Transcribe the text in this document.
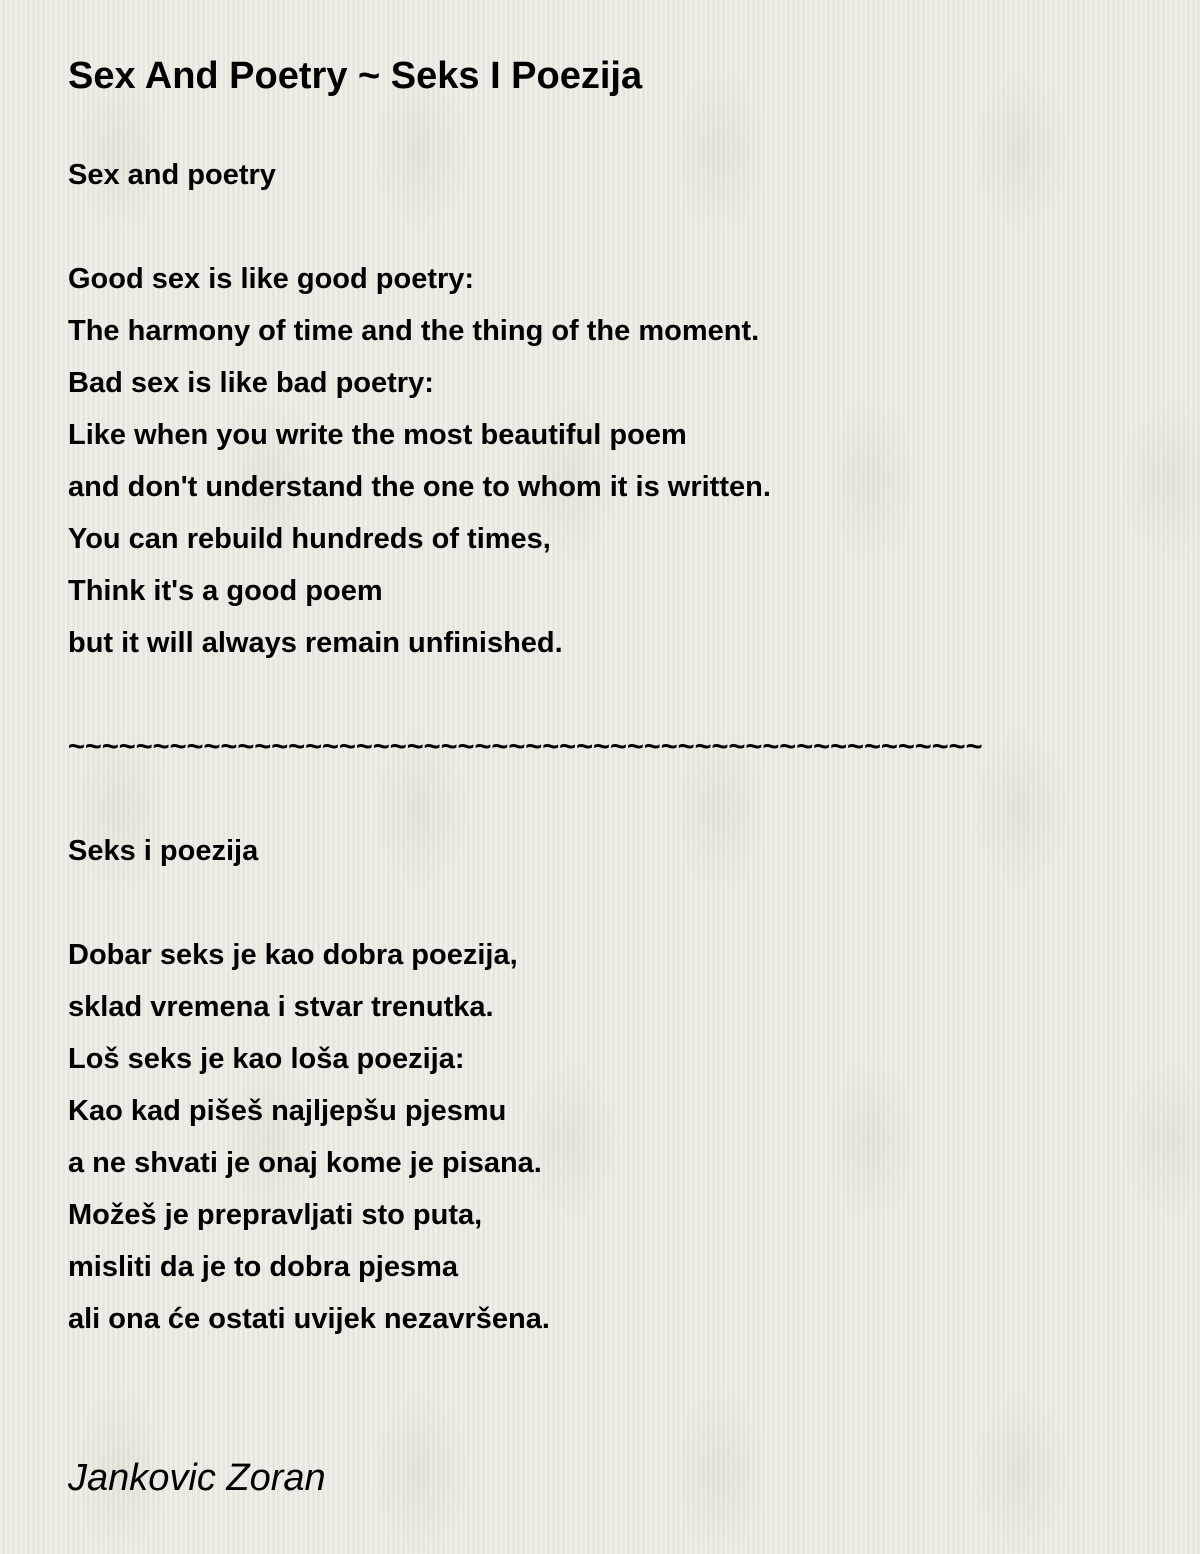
Sex And Poetry ~ Seks I Poezija
Sex and poetry
Good sex is like good poetry:
The harmony of time and the thing of the moment.
Bad sex is like bad poetry:
Like when you write the most beautiful poem
and don't understand the one to whom it is written.
You can rebuild hundreds of times,
Think it's a good poem
but it will always remain unfinished.
~~~~~~~~~~~~~~~~~~~~~~~~~~~~~~~~~~~~~~~~~~~~~~~~~~~~~~
Seks i poezija
Dobar seks je kao dobra poezija,
sklad vremena i stvar trenutka.
Loš seks je kao loša poezija:
Kao kad pišeš najljepšu pjesmu
a ne shvati je onaj kome je pisana.
Možeš je prepravljati sto puta,
misliti da je to dobra pjesma
ali ona će ostati uvijek nezavršena.
Jankovic Zoran
